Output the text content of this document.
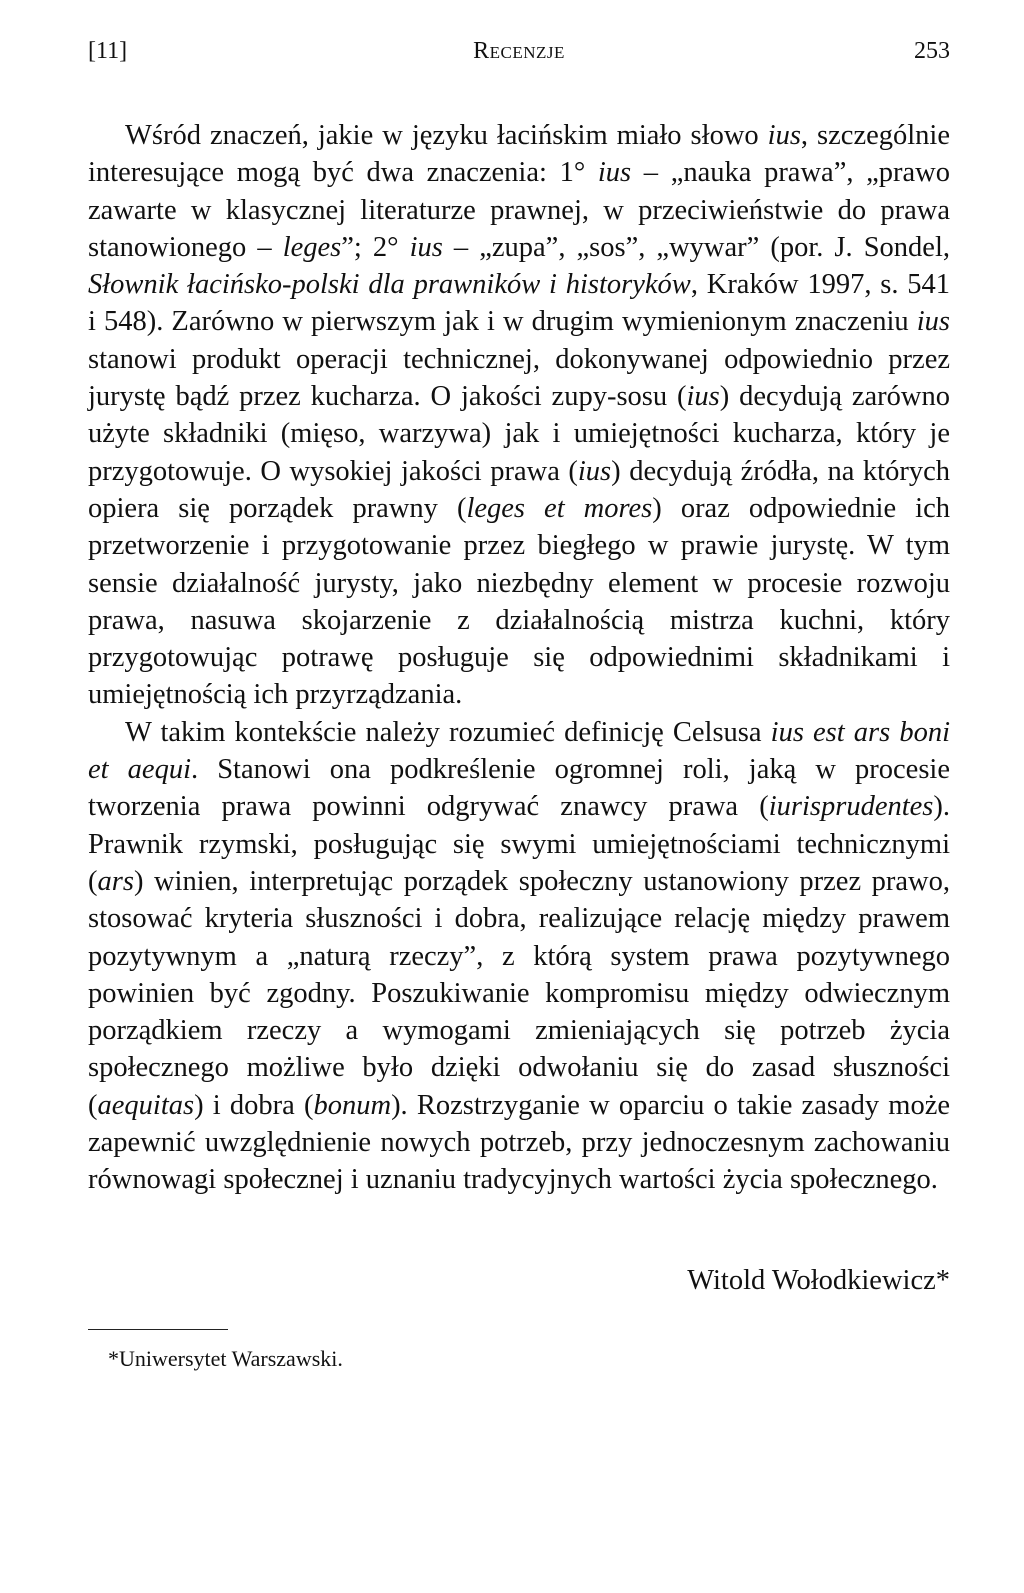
[11]	Recenzje	253

Wśród znaczeń, jakie w języku łacińskim miało słowo ius, szczególnie interesujące mogą być dwa znaczenia: 1° ius – „nauka prawa”, „prawo zawarte w klasycznej literaturze prawnej, w przeciwieństwie do prawa stanowionego – leges”; 2° ius – „zupa”, „sos”, „wywar” (por. J. Sondel, Słownik łacińsko-polski dla prawników i historyków, Kraków 1997, s. 541 i 548). Zarówno w pierwszym jak i w drugim wymienionym znaczeniu ius stanowi produkt operacji technicznej, dokonywanej odpowiednio przez jurystę bądź przez kucharza. O jakości zupy-sosu (ius) decydują zarówno użyte składniki (mięso, warzywa) jak i umiejętności kucharza, który je przygotowuje. O wysokiej jakości prawa (ius) decydują źródła, na których opiera się porządek prawny (leges et mores) oraz odpowiednie ich przetworzenie i przygotowanie przez biegłego w prawie jurystę. W tym sensie działalność jurysty, jako niezbędny element w procesie rozwoju prawa, nasuwa skojarzenie z działalnością mistrza kuchni, który przygotowując potrawę posługuje się odpowiednimi składnikami i umiejętnością ich przyrządzania.

W takim kontekście należy rozumieć definicję Celsusa ius est ars boni et aequi. Stanowi ona podkreślenie ogromnej roli, jaką w procesie tworzenia prawa powinni odgrywać znawcy prawa (iurisprudentes). Prawnik rzymski, posługując się swymi umiejętnościami technicznymi (ars) winien, interpretując porządek społeczny ustanowiony przez prawo, stosować kryteria słuszności i dobra, realizujące relację między prawem pozytywnym a „naturą rzeczy”, z którą system prawa pozytywnego powinien być zgodny. Poszukiwanie kompromisu między odwiecznym porządkiem rzeczy a wymogami zmieniających się potrzeb życia społecznego możliwe było dzięki odwołaniu się do zasad słuszności (aequitas) i dobra (bonum). Rozstrzyganie w oparciu o takie zasady może zapewnić uwzględnienie nowych potrzeb, przy jednoczesnym zachowaniu równowagi społecznej i uznaniu tradycyjnych wartości życia społecznego.

Witold Wołodkiewicz*
*Uniwersytet Warszawski.
